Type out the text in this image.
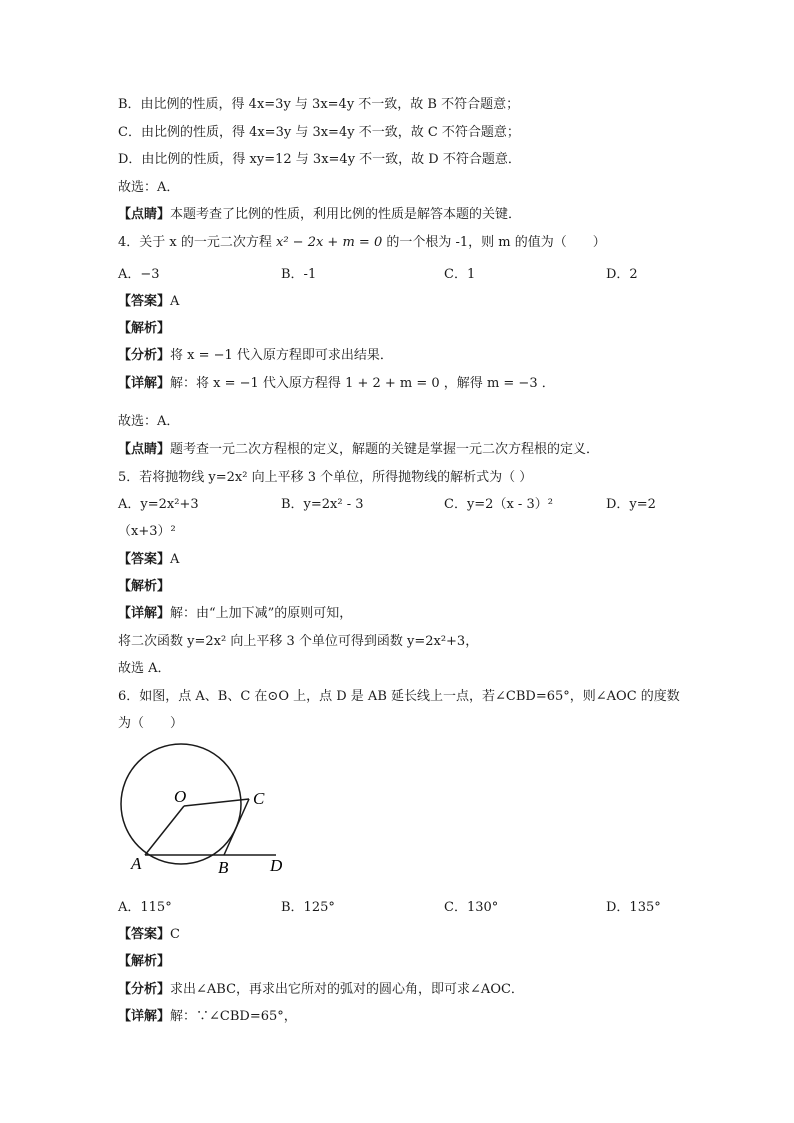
B．由比例的性质，得 4x=3y 与 3x=4y 不一致，故 B 不符合题意；
C．由比例的性质，得 4x=3y 与 3x=4y 不一致，故 C 不符合题意；
D．由比例的性质，得 xy=12 与 3x=4y 不一致，故 D 不符合题意．
故选：A．
【点睛】本题考查了比例的性质，利用比例的性质是解答本题的关键．
4．关于 x 的一元二次方程 x² − 2x + m = 0 的一个根为 -1，则 m 的值为（　　）
A．−3	B．-1	C．1	D．2
【答案】A
【解析】
【分析】将 x = −1 代入原方程即可求出结果．
【详解】解：将 x = −1 代入原方程得 1 + 2 + m = 0 ，解得 m = −3 ．
故选：A．
【点睛】题考查一元二次方程根的定义，解题的关键是掌握一元二次方程根的定义．
5．若将抛物线 y=2x² 向上平移 3 个单位，所得抛物线的解析式为（ ）
A．y=2x²+3	B．y=2x² - 3	C．y=2（x - 3）²	D．y=2
（x+3）²
【答案】A
【解析】
【详解】解：由“上加下减”的原则可知，
将二次函数 y=2x² 向上平移 3 个单位可得到函数 y=2x²+3，
故选 A．
6．如图，点 A、B、C 在⊙O 上，点 D 是 AB 延长线上一点，若∠CBD=65°，则∠AOC 的度数
为（　　）
O	C
A	B D
A．115°	B．125°	C．130°	D．135°
【答案】C
【解析】
【分析】求出∠ABC，再求出它所对的弧对的圆心角，即可求∠AOC．
【详解】解：∵∠CBD=65°，
